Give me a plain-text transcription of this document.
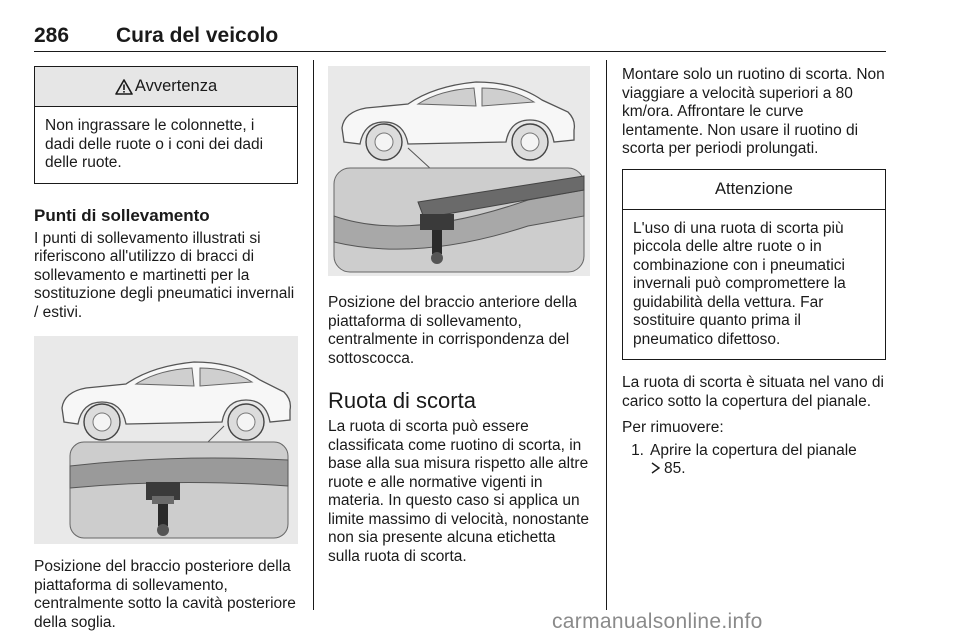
286 Cura del veicolo
Avvertenza
Non ingrassare le colonnette, i dadi delle ruote o i coni dei dadi delle ruote.
Punti di sollevamento
I punti di sollevamento illustrati si riferiscono all'utilizzo di bracci di sollevamento e martinetti per la sostituzione degli pneumatici invernali / estivi.
Posizione del braccio posteriore della piattaforma di sollevamento, centralmente sotto la cavità posteriore della soglia.
Posizione del braccio anteriore della piattaforma di sollevamento, centralmente in corrispondenza del sottoscocca.
Ruota di scorta
La ruota di scorta può essere classificata come ruotino di scorta, in base alla sua misura rispetto alle altre ruote e alle normative vigenti in materia. In questo caso si applica un limite massimo di velocità, nonostante non sia presente alcuna etichetta sulla ruota di scorta.
Montare solo un ruotino di scorta. Non viaggiare a velocità superiori a 80 km/ora. Affrontare le curve lentamente. Non usare il ruotino di scorta per periodi prolungati.
Attenzione
L'uso di una ruota di scorta più piccola delle altre ruote o in combinazione con i pneumatici invernali può compromettere la guidabilità della vettura. Far sostituire quanto prima il pneumatico difettoso.
La ruota di scorta è situata nel vano di carico sotto la copertura del pianale.
Per rimuovere:
1. Aprire la copertura del pianale
85.
carmanualsonline.info
